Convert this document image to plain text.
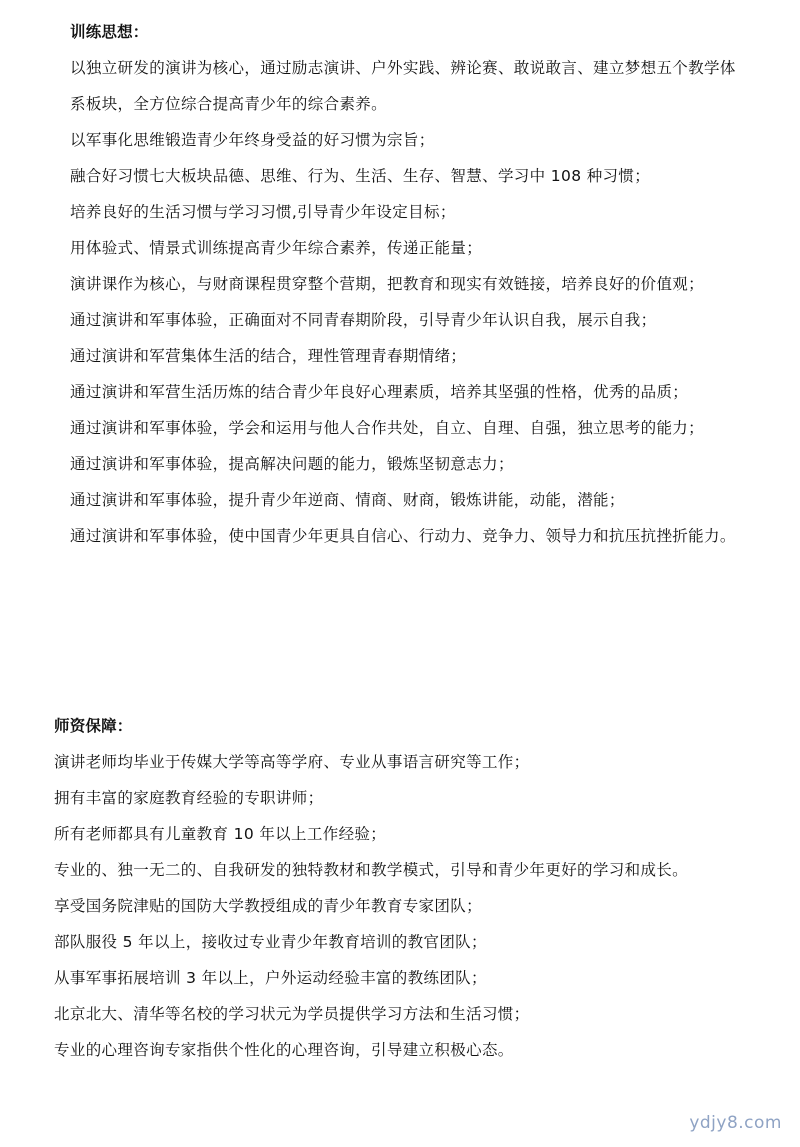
训练思想：

以独立研发的演讲为核心，通过励志演讲、户外实践、辨论赛、敢说敢言、建立梦想五个教学体系板块，全方位综合提高青少年的综合素养。

以军事化思维锻造青少年终身受益的好习惯为宗旨；

融合好习惯七大板块品德、思维、行为、生活、生存、智慧、学习中 108 种习惯；

培养良好的生活习惯与学习习惯,引导青少年设定目标；

用体验式、情景式训练提高青少年综合素养，传递正能量；

演讲课作为核心，与财商课程贯穿整个营期，把教育和现实有效链接，培养良好的价值观；

通过演讲和军事体验，正确面对不同青春期阶段，引导青少年认识自我，展示自我；

通过演讲和军营集体生活的结合，理性管理青春期情绪；

通过演讲和军营生活历炼的结合青少年良好心理素质，培养其坚强的性格，优秀的品质；

通过演讲和军事体验，学会和运用与他人合作共处，自立、自理、自强，独立思考的能力；

通过演讲和军事体验，提高解决问题的能力，锻炼坚韧意志力；

通过演讲和军事体验，提升青少年逆商、情商、财商，锻炼讲能，动能，潜能；

通过演讲和军事体验，使中国青少年更具自信心、行动力、竞争力、领导力和抗压抗挫折能力。

师资保障：

演讲老师均毕业于传媒大学等高等学府、专业从事语言研究等工作；

拥有丰富的家庭教育经验的专职讲师；

所有老师都具有儿童教育 10 年以上工作经验；

专业的、独一无二的、自我研发的独特教材和教学模式，引导和青少年更好的学习和成长。

享受国务院津贴的国防大学教授组成的青少年教育专家团队；

部队服役 5 年以上，接收过专业青少年教育培训的教官团队；

从事军事拓展培训 3 年以上，户外运动经验丰富的教练团队；

北京北大、清华等名校的学习状元为学员提供学习方法和生活习惯；

专业的心理咨询专家指供个性化的心理咨询，引导建立积极心态。

ydjy8.com
